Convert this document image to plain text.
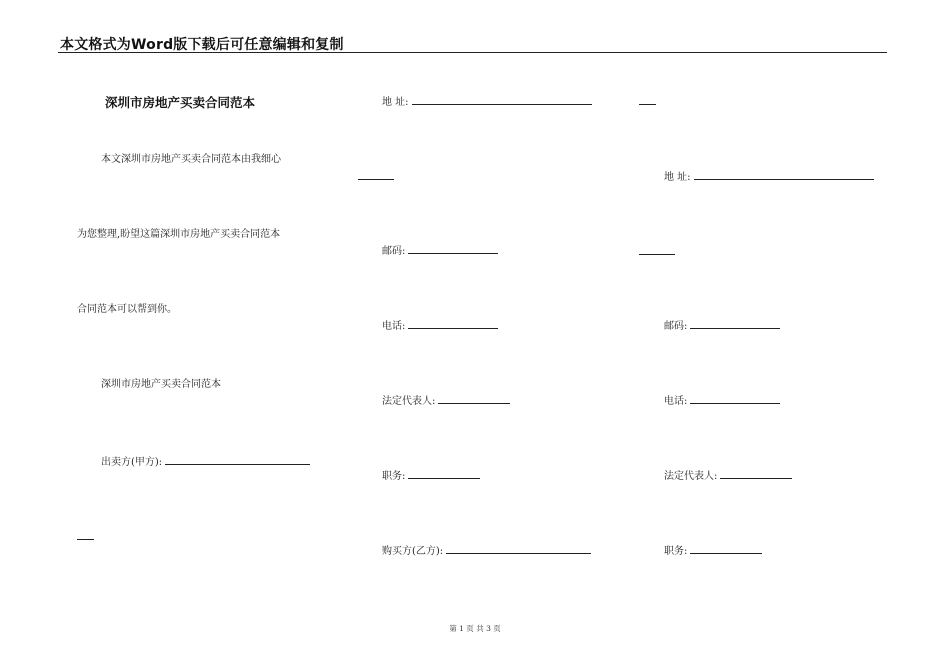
本文格式为Word版下载后可任意编辑和复制
深圳市房地产买卖合同范本
本文深圳市房地产买卖合同范本由我细心
为您整理,盼望这篇深圳市房地产买卖合同范本
合同范本可以帮到你。
深圳市房地产买卖合同范本
出卖方(甲方):
地 址:
邮码:
电话:
法定代表人:
职务:
购买方(乙方):
地 址:
邮码:
电话:
法定代表人:
职务:
第 1 页 共 3 页
